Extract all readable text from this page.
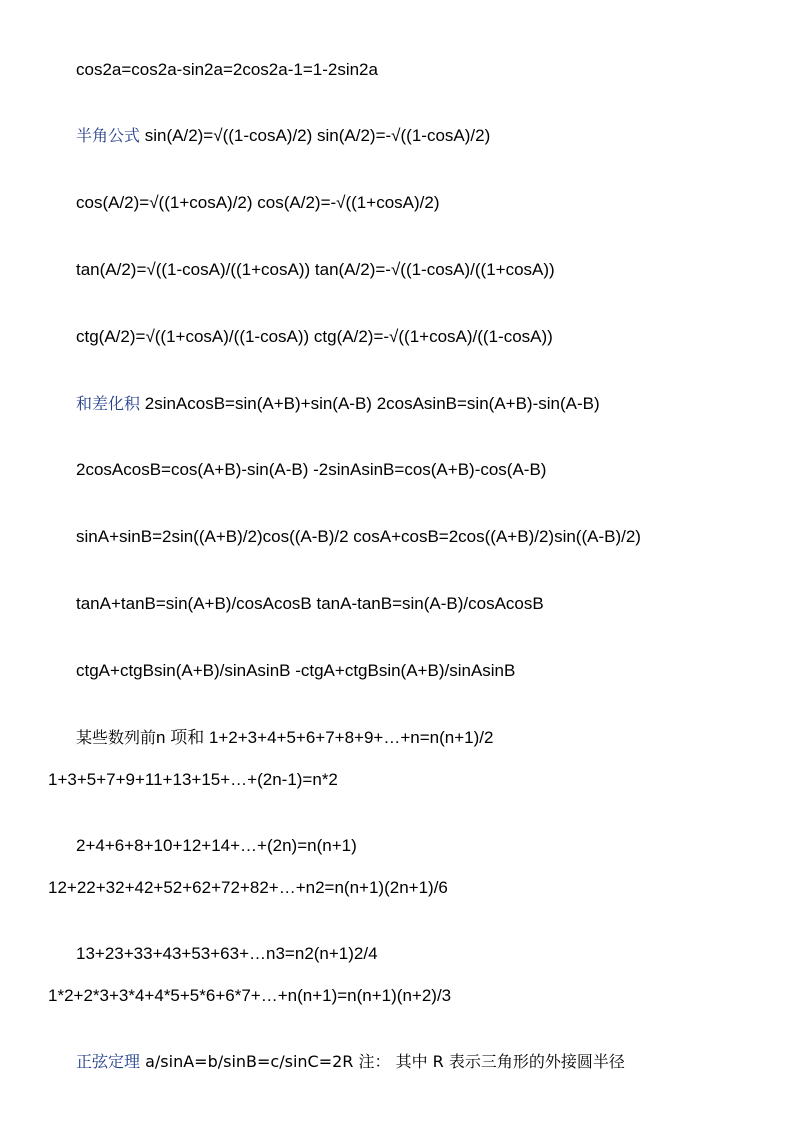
cos2a=cos2a-sin2a=2cos2a-1=1-2sin2a
半角公式 sin(A/2)=√((1-cosA)/2) sin(A/2)=-√((1-cosA)/2)
cos(A/2)=√((1+cosA)/2) cos(A/2)=-√((1+cosA)/2)
tan(A/2)=√((1-cosA)/((1+cosA)) tan(A/2)=-√((1-cosA)/((1+cosA))
ctg(A/2)=√((1+cosA)/((1-cosA)) ctg(A/2)=-√((1+cosA)/((1-cosA))
和差化积 2sinAcosB=sin(A+B)+sin(A-B) 2cosAsinB=sin(A+B)-sin(A-B)
2cosAcosB=cos(A+B)-sin(A-B) -2sinAsinB=cos(A+B)-cos(A-B)
sinA+sinB=2sin((A+B)/2)cos((A-B)/2 cosA+cosB=2cos((A+B)/2)sin((A-B)/2)
tanA+tanB=sin(A+B)/cosAcosB tanA-tanB=sin(A-B)/cosAcosB
ctgA+ctgBsin(A+B)/sinAsinB -ctgA+ctgBsin(A+B)/sinAsinB
某些数列前n 项和 1+2+3+4+5+6+7+8+9+…+n=n(n+1)/2
1+3+5+7+9+11+13+15+…+(2n-1)=n*2
2+4+6+8+10+12+14+…+(2n)=n(n+1)
12+22+32+42+52+62+72+82+…+n2=n(n+1)(2n+1)/6
13+23+33+43+53+63+…n3=n2(n+1)2/4
1*2+2*3+3*4+4*5+5*6+6*7+…+n(n+1)=n(n+1)(n+2)/3
正弦定理 a/sinA=b/sinB=c/sinC=2R 注： 其中 R 表示三角形的外接圆半径
